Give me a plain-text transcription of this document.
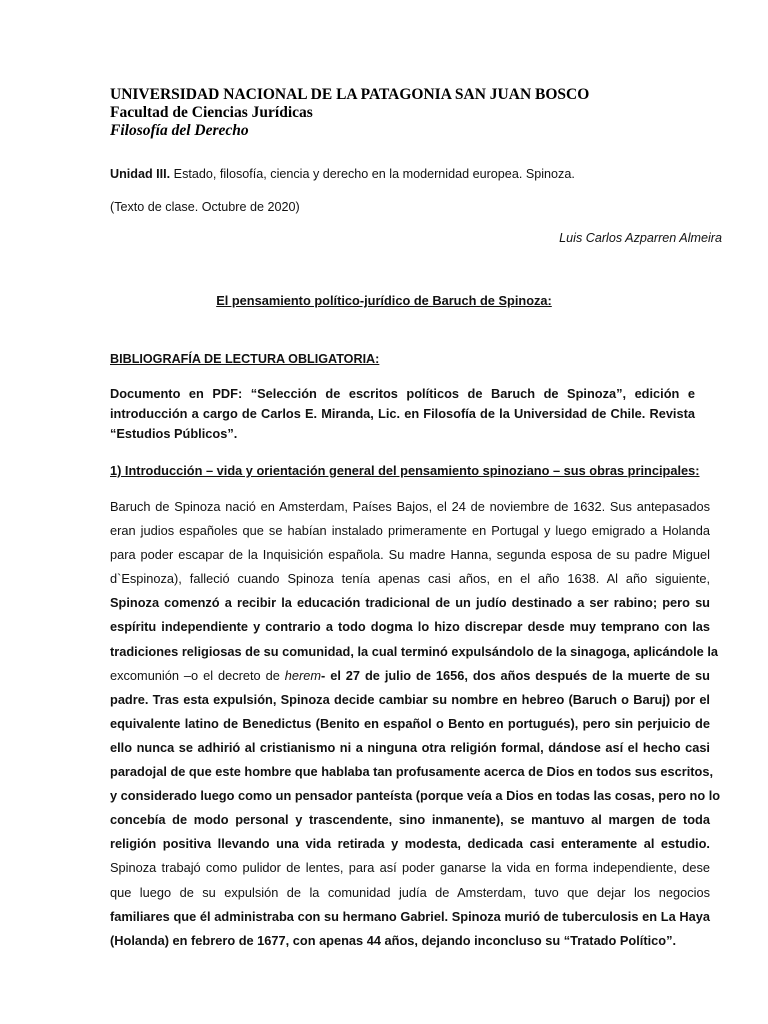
UNIVERSIDAD NACIONAL DE LA PATAGONIA SAN JUAN BOSCO
Facultad de Ciencias Jurídicas
Filosofía del Derecho
Unidad III. Estado, filosofía, ciencia y derecho en la modernidad europea. Spinoza.
(Texto de clase. Octubre de 2020)
Luis Carlos Azparren Almeira
El pensamiento político-jurídico de Baruch de Spinoza:
BIBLIOGRAFÍA DE LECTURA OBLIGATORIA:
Documento en PDF: “Selección de escritos políticos de Baruch de Spinoza”, edición e introducción a cargo de Carlos E. Miranda, Lic. en Filosofía de la Universidad de Chile. Revista “Estudios Públicos”.
1) Introducción – vida y orientación general del pensamiento spinoziano – sus obras principales:
Baruch de Spinoza nació en Amsterdam, Países Bajos, el 24 de noviembre de 1632. Sus antepasados
eran judios españoles que se habían instalado primeramente en Portugal y luego emigrado a Holanda
para poder escapar de la Inquisición española. Su madre Hanna, segunda esposa de su padre Miguel
d`Espinoza), falleció cuando Spinoza tenía apenas casi años, en el año 1638. Al año siguiente,
Spinoza comenzó a recibir la educación tradicional de un judío destinado a ser rabino; pero su
espíritu independiente y contrario a todo dogma lo hizo discrepar desde muy temprano con las
tradiciones religiosas de su comunidad, la cual terminó expulsándolo de la sinagoga, aplicándole la
excomunión –o el decreto de herem- el 27 de julio de 1656, dos años después de la muerte de su
padre. Tras esta expulsión, Spinoza decide cambiar su nombre en hebreo (Baruch o Baruj) por el
equivalente latino de Benedictus (Benito en español o Bento en portugués), pero sin perjuicio de
ello nunca se adhirió al cristianismo ni a ninguna otra religión formal, dándose así el hecho casi
paradojal de que este hombre que hablaba tan profusamente acerca de Dios en todos sus escritos,
y considerado luego como un pensador panteísta (porque veía a Dios en todas las cosas, pero no lo
concebía de modo personal y trascendente, sino inmanente), se mantuvo al margen de toda
religión positiva llevando una vida retirada y modesta, dedicada casi enteramente al estudio.
Spinoza trabajó como pulidor de lentes, para así poder ganarse la vida en forma independiente, dese
que luego de su expulsión de la comunidad judía de Amsterdam, tuvo que dejar los negocios
familiares que él administraba con su hermano Gabriel. Spinoza murió de tuberculosis en La Haya
(Holanda) en febrero de 1677, con apenas 44 años, dejando inconcluso su “Tratado Político”.
